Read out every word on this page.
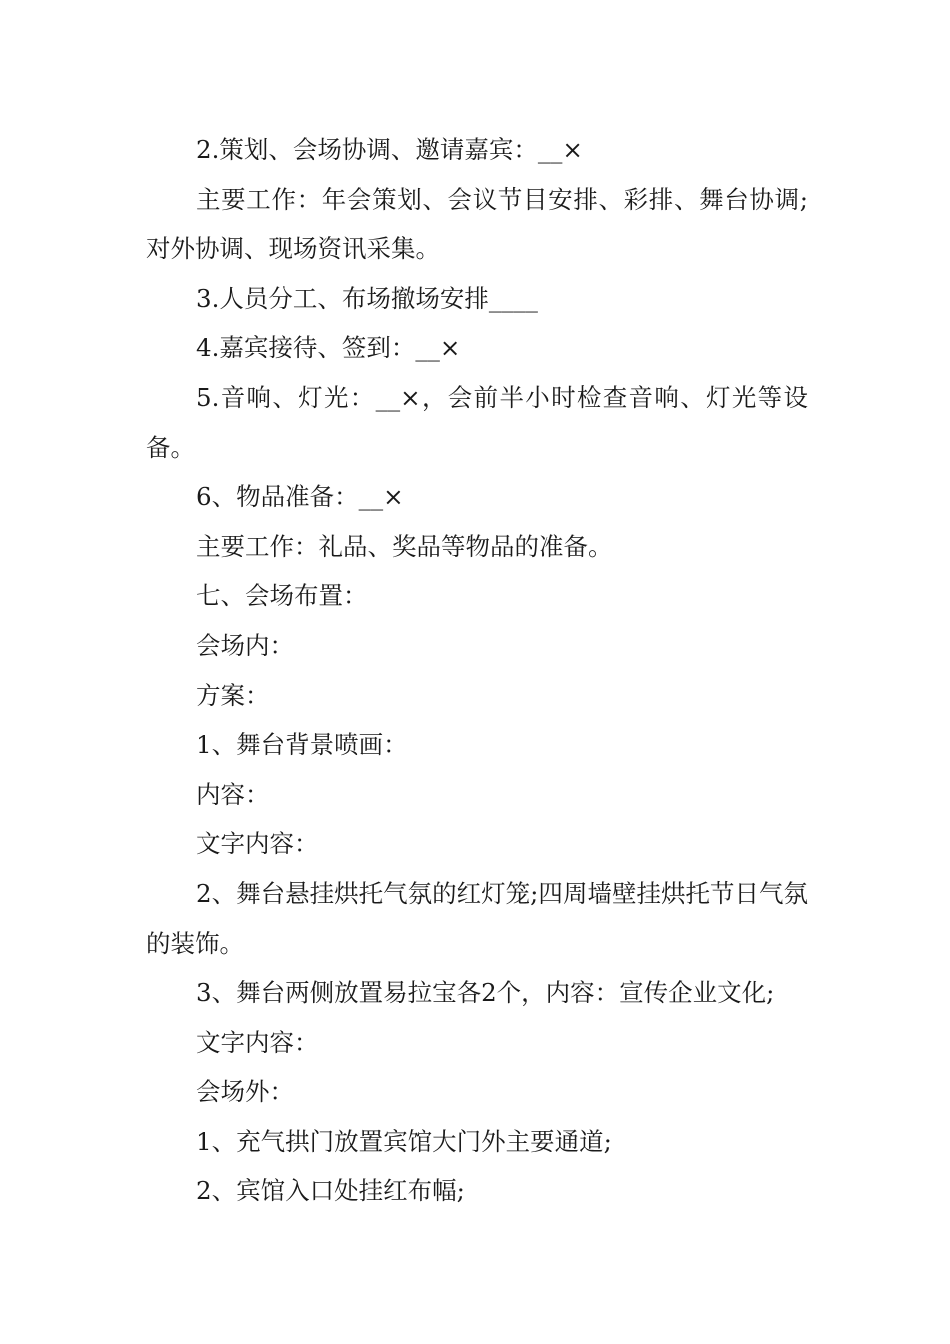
2.策划、会场协调、邀请嘉宾：__×

主要工作：年会策划、会议节目安排、彩排、舞台协调;对外协调、现场资讯采集。

3.人员分工、布场撤场安排____

4.嘉宾接待、签到：__×

5.音响、灯光：__×，会前半小时检查音响、灯光等设备。

6、物品准备：__×

主要工作：礼品、奖品等物品的准备。

七、会场布置：

会场内：

方案：

1、舞台背景喷画：

内容：

文字内容：

2、舞台悬挂烘托气氛的红灯笼;四周墙壁挂烘托节日气氛的装饰。

3、舞台两侧放置易拉宝各2个，内容：宣传企业文化;

文字内容：

会场外：

1、充气拱门放置宾馆大门外主要通道;

2、宾馆入口处挂红布幅;
